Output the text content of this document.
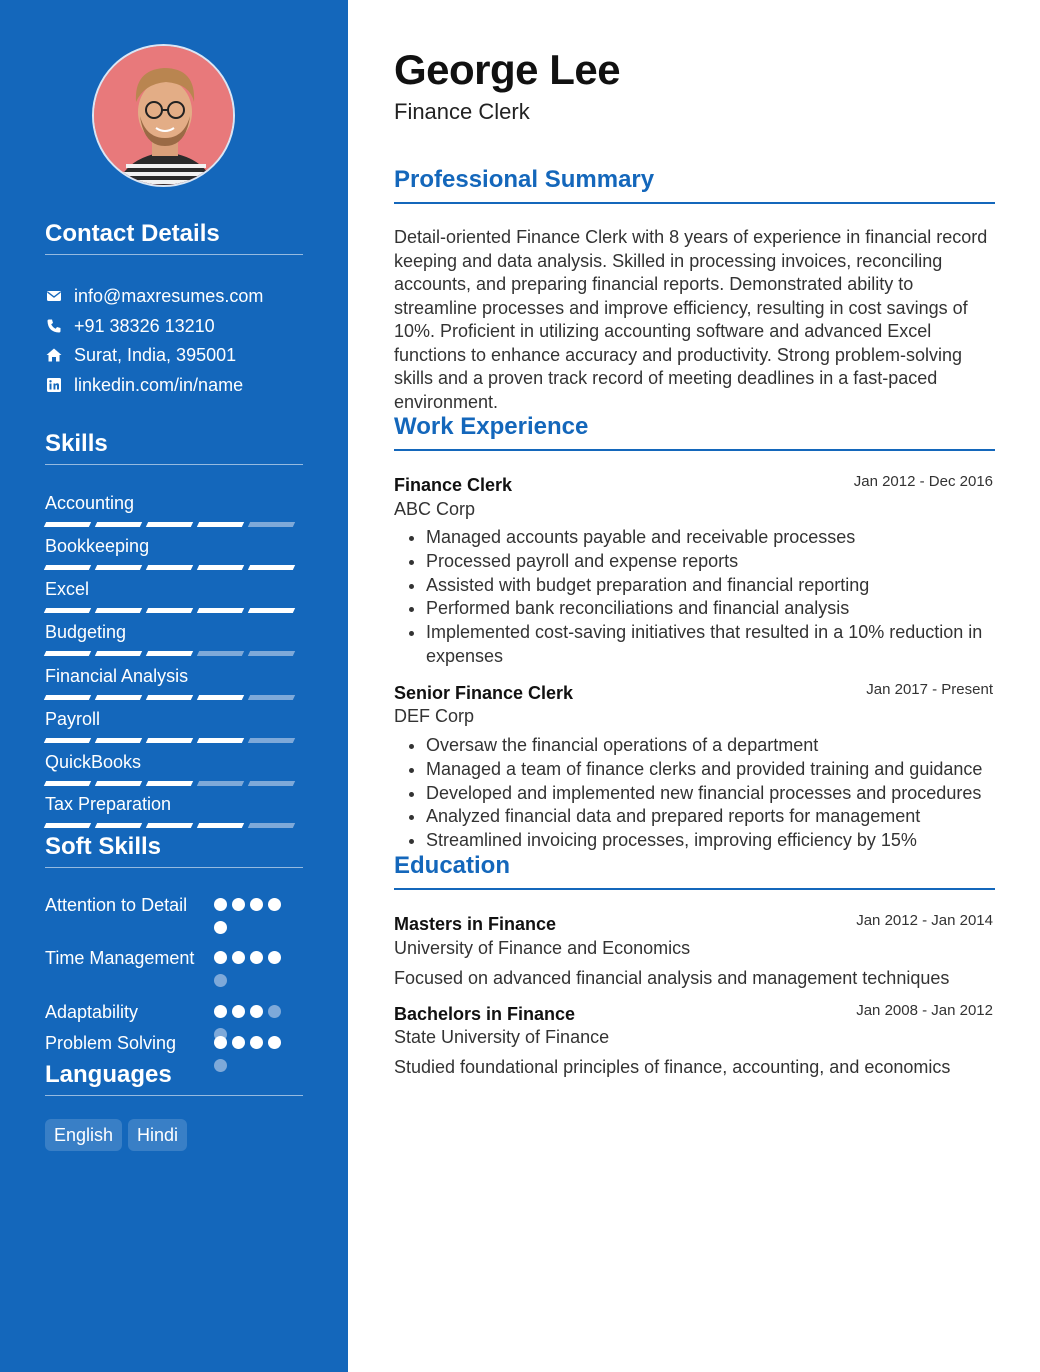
Contact Details
info@maxresumes.com
+91 38326 13210
Surat, India, 395001
linkedin.com/in/name
Skills
Accounting
Bookkeeping
Excel
Budgeting
Financial Analysis
Payroll
QuickBooks
Tax Preparation
Soft Skills
Attention to Detail
Time Management
Adaptability
Problem Solving
Languages
English	Hindi
George Lee
Finance Clerk
Professional Summary

Detail-oriented Finance Clerk with 8 years of experience in financial record keeping and data analysis. Skilled in processing invoices, reconciling accounts, and preparing financial reports. Demonstrated ability to streamline processes and improve efficiency, resulting in cost savings of 10%. Proficient in utilizing accounting software and advanced Excel functions to enhance accuracy and productivity. Strong problem-solving skills and a proven track record of meeting deadlines in a fast-paced environment.

Work Experience
Finance Clerk	Jan 2012 - Dec 2016
ABC Corp
Managed accounts payable and receivable processes
Processed payroll and expense reports
Assisted with budget preparation and financial reporting
Performed bank reconciliations and financial analysis
Implemented cost-saving initiatives that resulted in a 10% reduction in expenses
Senior Finance Clerk	Jan 2017 - Present
DEF Corp
Oversaw the financial operations of a department
Managed a team of finance clerks and provided training and guidance
Developed and implemented new financial processes and procedures
Analyzed financial data and prepared reports for management
Streamlined invoicing processes, improving efficiency by 15%
Education
Masters in Finance	Jan 2012 - Jan 2014
University of Finance and Economics
Focused on advanced financial analysis and management techniques
Bachelors in Finance	Jan 2008 - Jan 2012
State University of Finance
Studied foundational principles of finance, accounting, and economics
